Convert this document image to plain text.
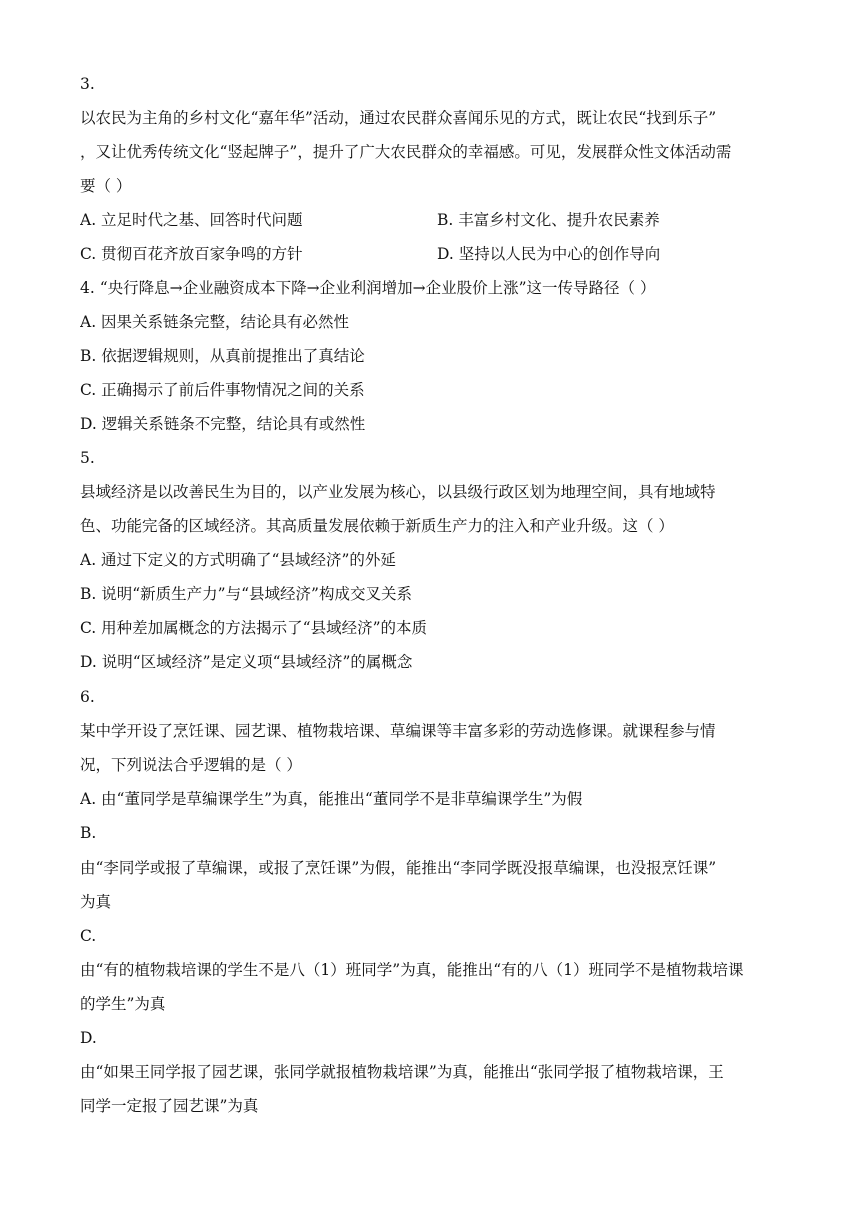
3.
以农民为主角的乡村文化“嘉年华”活动，通过农民群众喜闻乐见的方式，既让农民“找到乐子”
，又让优秀传统文化“竖起牌子”，提升了广大农民群众的幸福感。可见，发展群众性文体活动需
要（ ）
A. 立足时代之基、回答时代问题	B. 丰富乡村文化、提升农民素养
C. 贯彻百花齐放百家争鸣的方针	D. 坚持以人民为中心的创作导向
4. “央行降息→企业融资成本下降→企业利润增加→企业股价上涨”这一传导路径（ ）
A. 因果关系链条完整，结论具有必然性
B. 依据逻辑规则，从真前提推出了真结论
C. 正确揭示了前后件事物情况之间的关系
D. 逻辑关系链条不完整，结论具有或然性
5.
县域经济是以改善民生为目的，以产业发展为核心，以县级行政区划为地理空间，具有地域特
色、功能完备的区域经济。其高质量发展依赖于新质生产力的注入和产业升级。这（ ）
A. 通过下定义的方式明确了“县域经济”的外延
B. 说明“新质生产力”与“县域经济”构成交叉关系
C. 用种差加属概念的方法揭示了“县域经济”的本质
D. 说明“区域经济”是定义项“县域经济”的属概念
6.
某中学开设了烹饪课、园艺课、植物栽培课、草编课等丰富多彩的劳动选修课。就课程参与情
况，下列说法合乎逻辑的是（ ）
A. 由“董同学是草编课学生”为真，能推出“董同学不是非草编课学生”为假
B.
由“李同学或报了草编课，或报了烹饪课”为假，能推出“李同学既没报草编课，也没报烹饪课”
为真
C.
由“有的植物栽培课的学生不是八（1）班同学”为真，能推出“有的八（1）班同学不是植物栽培课
的学生”为真
D.
由“如果王同学报了园艺课，张同学就报植物栽培课”为真，能推出“张同学报了植物栽培课，王
同学一定报了园艺课”为真
